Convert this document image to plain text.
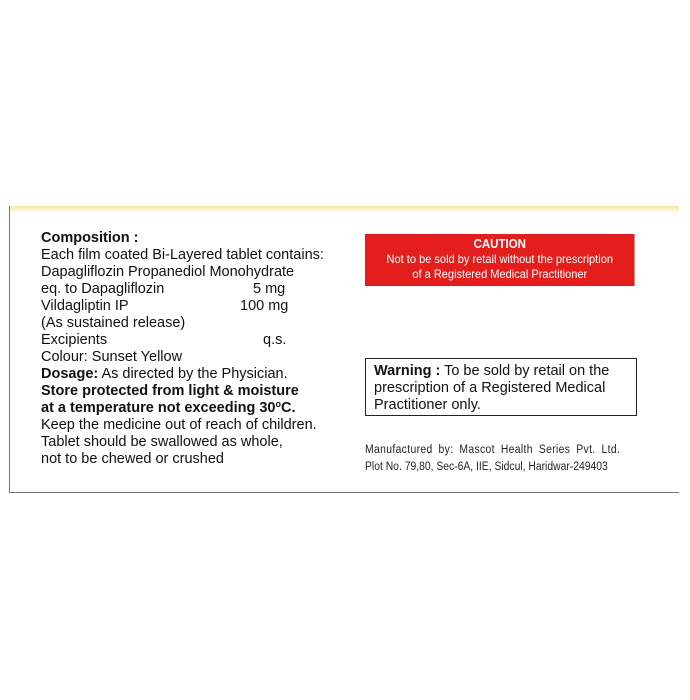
Composition :
Each film coated Bi-Layered tablet contains:
Dapagliflozin Propanediol Monohydrate
eq. to Dapagliflozin	5 mg
Vildagliptin IP	100 mg
(As sustained release)
Excipients	q.s.
Colour: Sunset Yellow
Dosage: As directed by the Physician.
Store protected from light & moisture
at a temperature not exceeding 30$^o$C.
Keep the medicine out of reach of children.
Tablet should be swallowed as whole,
not to be chewed or crushed
CAUTION
Not to be sold by retail without the prescription
of a Registered Medical Practitioner
Warning : To be sold by retail on the
prescription of a Registered Medical
Practitioner only.
Manufactured by: Mascot Health Series Pvt. Ltd.
Plot No. 79,80, Sec-6A, IIE, Sidcul, Haridwar-249403
